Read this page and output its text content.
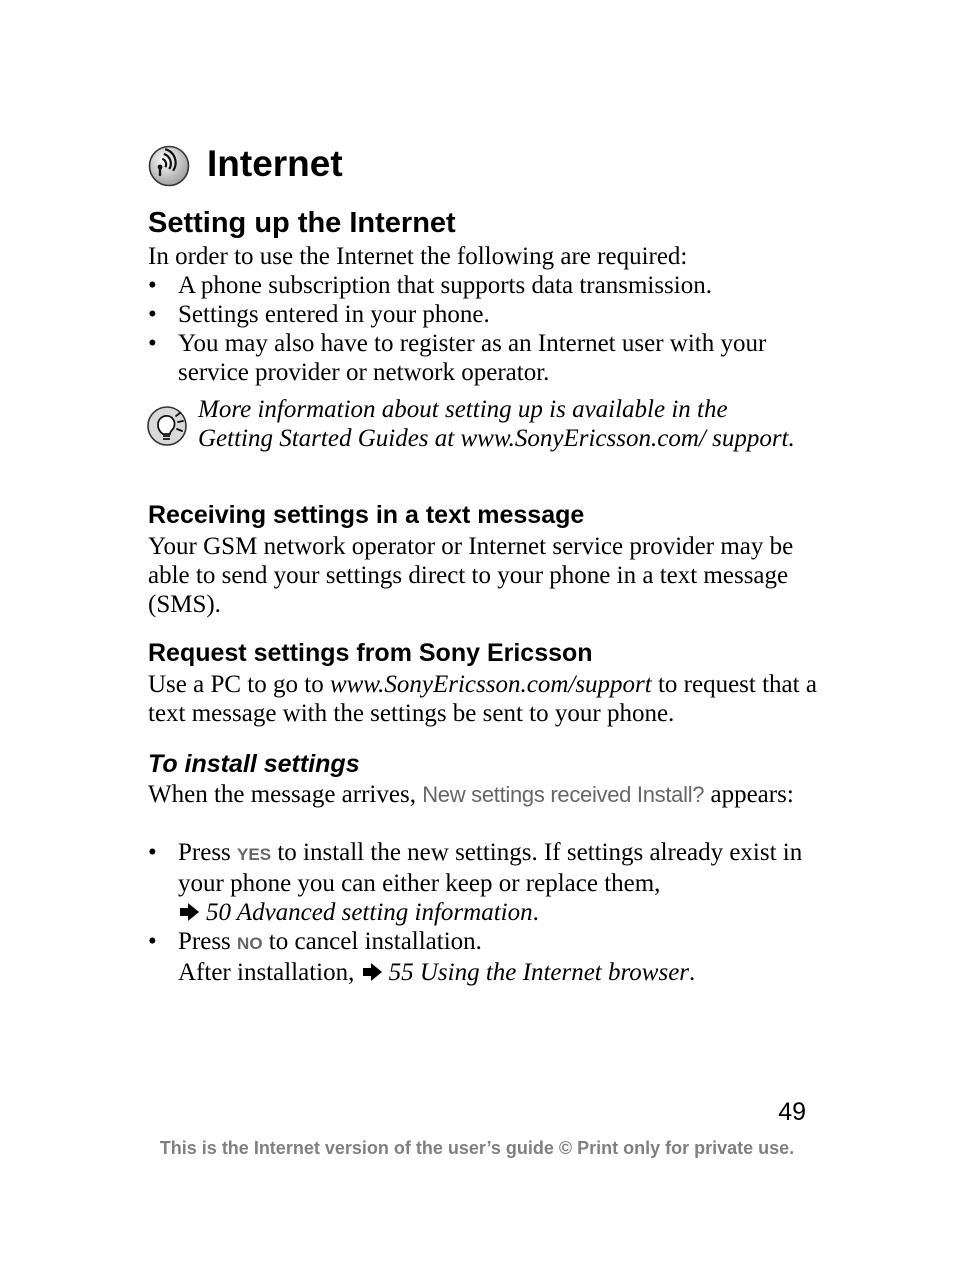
Internet
Setting up the Internet

In order to use the Internet the following are required:

• A phone subscription that supports data transmission.
• Settings entered in your phone.
• You may also have to register as an Internet user with your service provider or network operator.

More information about setting up is available in the Getting Started Guides at www.SonyEricsson.com/ support.

Receiving settings in a text message

Your GSM network operator or Internet service provider may be able to send your settings direct to your phone in a text message (SMS).

Request settings from Sony Ericsson

Use a PC to go to www.SonyEricsson.com/support to request that a text message with the settings be sent to your phone.

To install settings

When the message arrives, New settings received Install? appears:

• Press YES to install the new settings. If settings already exist in your phone you can either keep or replace them,
50 Advanced setting information.
• Press NO to cancel installation.
After installation, 55 Using the Internet browser.

49

This is the Internet version of the user’s guide © Print only for private use.
